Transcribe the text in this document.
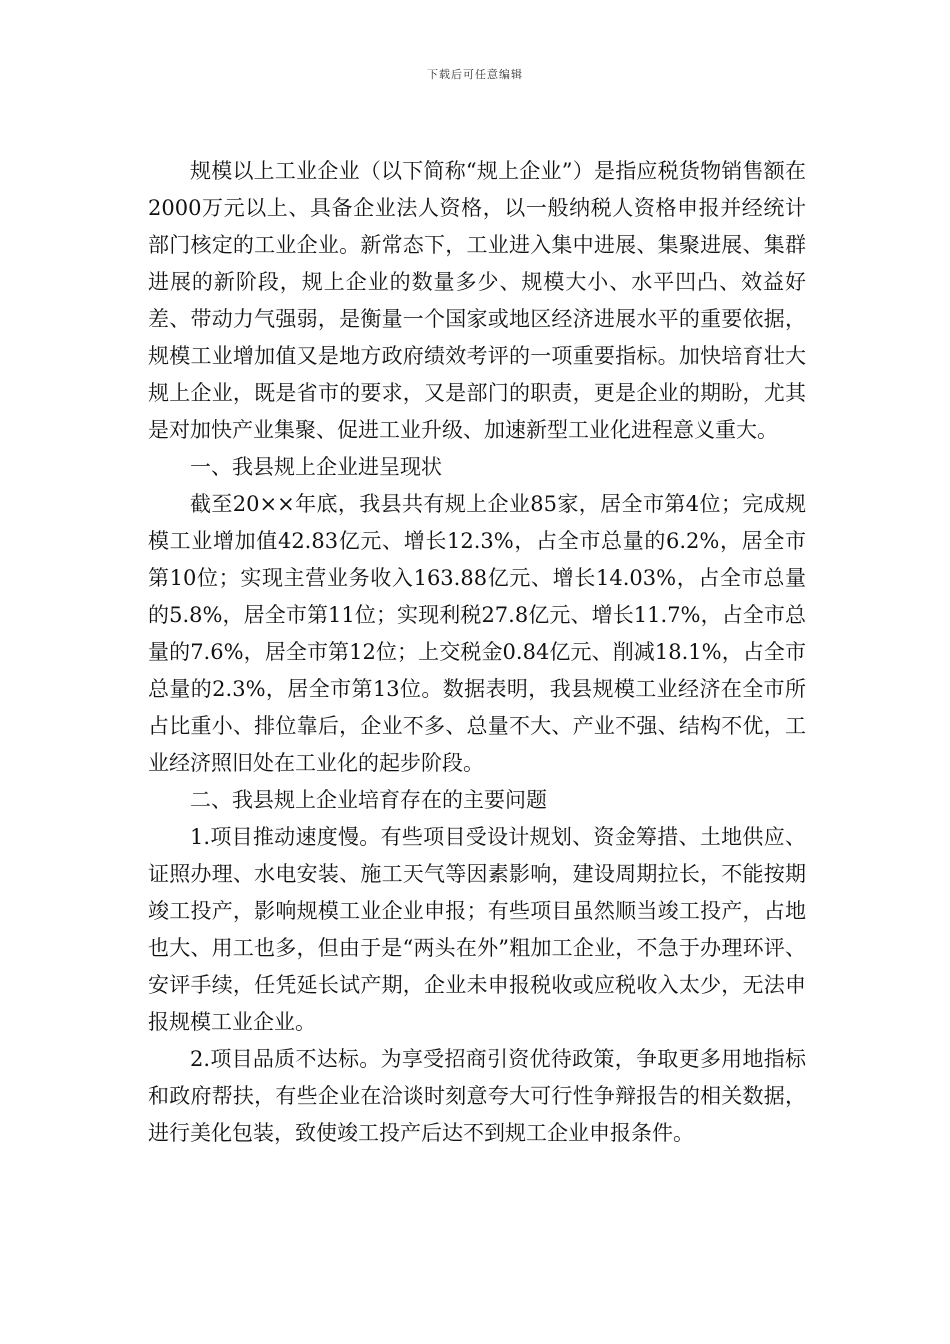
下载后可任意编辑

规模以上工业企业（以下简称“规上企业”）是指应税货物销售额在2000万元以上、具备企业法人资格，以一般纳税人资格申报并经统计部门核定的工业企业。新常态下，工业进入集中进展、集聚进展、集群进展的新阶段，规上企业的数量多少、规模大小、水平凹凸、效益好差、带动力气强弱，是衡量一个国家或地区经济进展水平的重要依据，规模工业增加值又是地方政府绩效考评的一项重要指标。加快培育壮大规上企业，既是省市的要求，又是部门的职责，更是企业的期盼，尤其是对加快产业集聚、促进工业升级、加速新型工业化进程意义重大。

一、我县规上企业进呈现状

截至20××年底，我县共有规上企业85家，居全市第4位；完成规模工业增加值42.83亿元、增长12.3%，占全市总量的6.2%，居全市第10位；实现主营业务收入163.88亿元、增长14.03%，占全市总量的5.8%，居全市第11位；实现利税27.8亿元、增长11.7%，占全市总量的7.6%，居全市第12位；上交税金0.84亿元、削减18.1%，占全市总量的2.3%，居全市第13位。数据表明，我县规模工业经济在全市所占比重小、排位靠后，企业不多、总量不大、产业不强、结构不优，工业经济照旧处在工业化的起步阶段。

二、我县规上企业培育存在的主要问题

1.项目推动速度慢。有些项目受设计规划、资金筹措、土地供应、证照办理、水电安装、施工天气等因素影响，建设周期拉长，不能按期竣工投产，影响规模工业企业申报；有些项目虽然顺当竣工投产，占地也大、用工也多，但由于是“两头在外”粗加工企业，不急于办理环评、安评手续，任凭延长试产期，企业未申报税收或应税收入太少，无法申报规模工业企业。

2.项目品质不达标。为享受招商引资优待政策，争取更多用地指标和政府帮扶，有些企业在洽谈时刻意夸大可行性争辩报告的相关数据，进行美化包装，致使竣工投产后达不到规工企业申报条件。
